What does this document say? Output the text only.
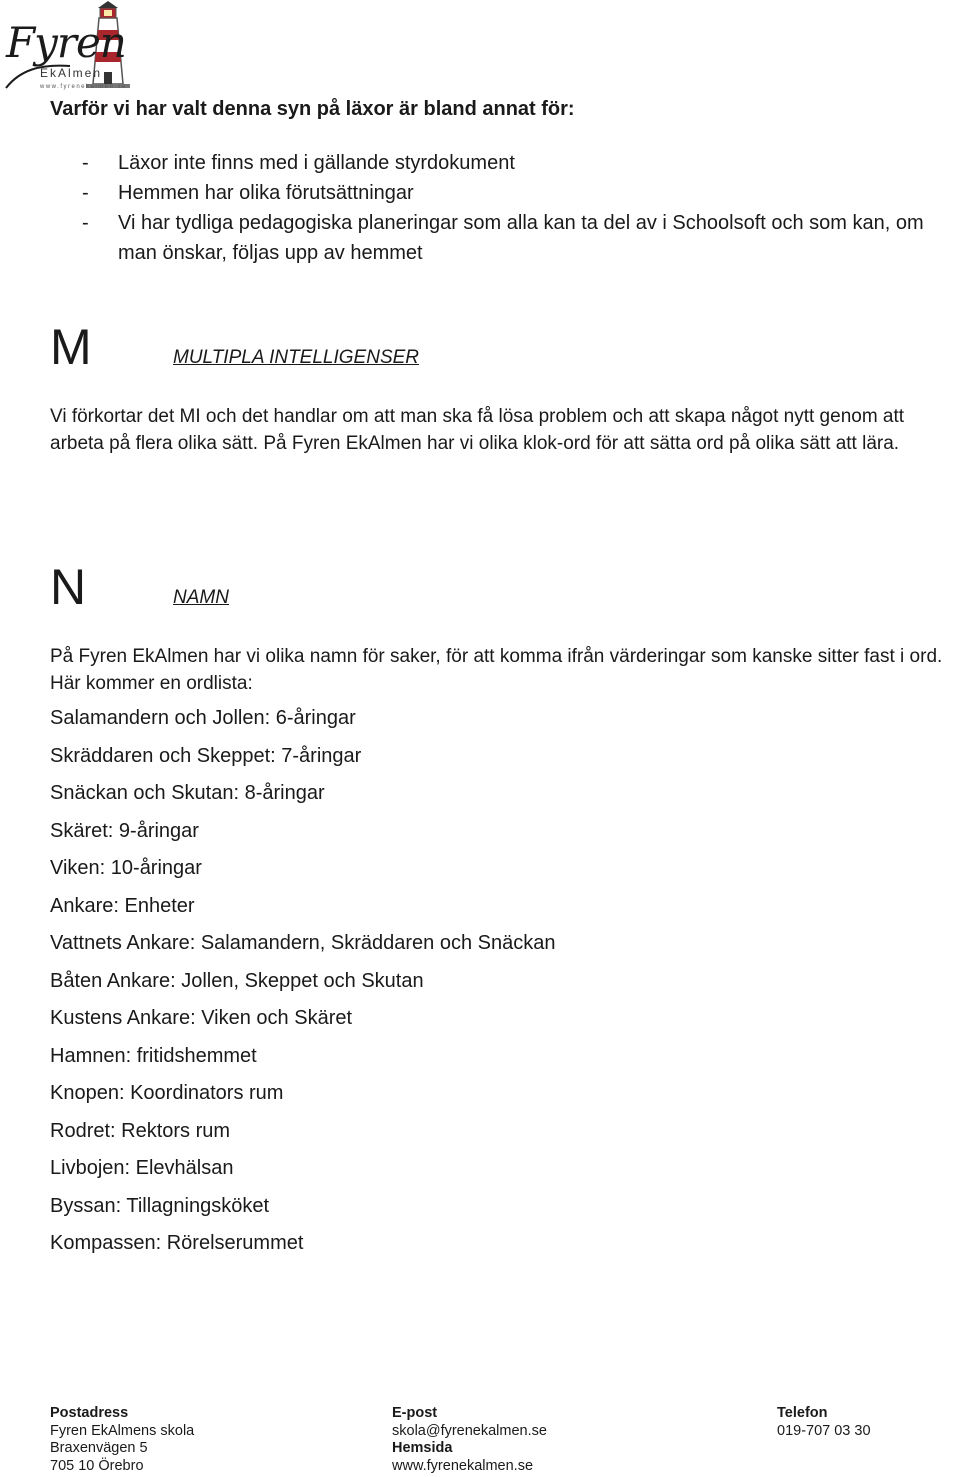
Fyren
EkAlmen
www.fyrenekalmen.se
Varför vi har valt denna syn på läxor är bland annat för:
- Läxor inte finns med i gällande styrdokument
- Hemmen har olika förutsättningar
- Vi har tydliga pedagogiska planeringar som alla kan ta del av i Schoolsoft och som kan, om man önskar, följas upp av hemmet
M	MULTIPLA INTELLIGENSER

Vi förkortar det MI och det handlar om att man ska få lösa problem och att skapa något nytt genom att arbeta på flera olika sätt. På Fyren EkAlmen har vi olika klok-ord för att sätta ord på olika sätt att lära.

N	NAMN

På Fyren EkAlmen har vi olika namn för saker, för att komma ifrån värderingar som kanske sitter fast i ord. Här kommer en ordlista:

Salamandern och Jollen: 6-åringar
Skräddaren och Skeppet: 7-åringar
Snäckan och Skutan: 8-åringar
Skäret: 9-åringar
Viken: 10-åringar
Ankare: Enheter
Vattnets Ankare: Salamandern, Skräddaren och Snäckan
Båten Ankare: Jollen, Skeppet och Skutan
Kustens Ankare: Viken och Skäret
Hamnen: fritidshemmet
Knopen: Koordinators rum
Rodret: Rektors rum
Livbojen: Elevhälsan
Byssan: Tillagningsköket
Kompassen: Rörelserummet
Postadress
Fyren EkAlmens skola
Braxenvägen 5
705 10 Örebro
E-post
skola@fyrenekalmen.se
Hemsida
www.fyrenekalmen.se
Telefon
019-707 03 30
